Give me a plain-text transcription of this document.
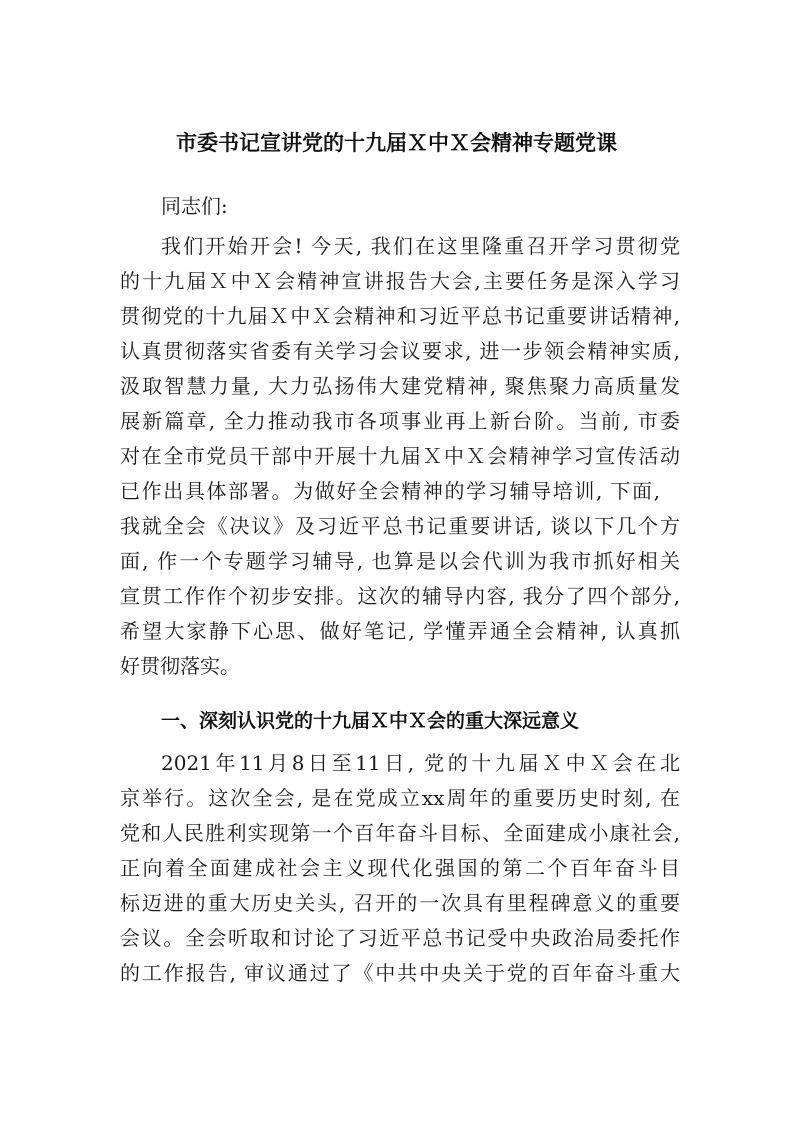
市委书记宣讲党的十九届Ｘ中Ｘ会精神专题党课
同志们:
我们开始开会! 今天, 我们在这里隆重召开学习贯彻党
的十九届Ｘ中Ｘ会精神宣讲报告大会,主要任务是深入学习
贯彻党的十九届Ｘ中Ｘ会精神和习近平总书记重要讲话精神,
认真贯彻落实省委有关学习会议要求, 进一步领会精神实质,
汲取智慧力量, 大力弘扬伟大建党精神, 聚焦聚力高质量发
展新篇章, 全力推动我市各项事业再上新台阶。当前, 市委
对在全市党员干部中开展十九届Ｘ中Ｘ会精神学习宣传活动
已作出具体部署。为做好全会精神的学习辅导培训, 下面,
我就全会《决议》及习近平总书记重要讲话, 谈以下几个方
面, 作一个专题学习辅导, 也算是以会代训为我市抓好相关
宣贯工作作个初步安排。这次的辅导内容, 我分了四个部分,
希望大家静下心思、做好笔记, 学懂弄通全会精神, 认真抓
好贯彻落实。
一、深刻认识党的十九届Ｘ中Ｘ会的重大深远意义
2021年11月8日至11日, 党的十九届Ｘ中Ｘ会在北
京举行。这次全会, 是在党成立xx周年的重要历史时刻, 在
党和人民胜利实现第一个百年奋斗目标、全面建成小康社会,
正向着全面建成社会主义现代化强国的第二个百年奋斗目
标迈进的重大历史关头, 召开的一次具有里程碑意义的重要
会议。全会听取和讨论了习近平总书记受中央政治局委托作
的工作报告, 审议通过了《中共中央关于党的百年奋斗重大
